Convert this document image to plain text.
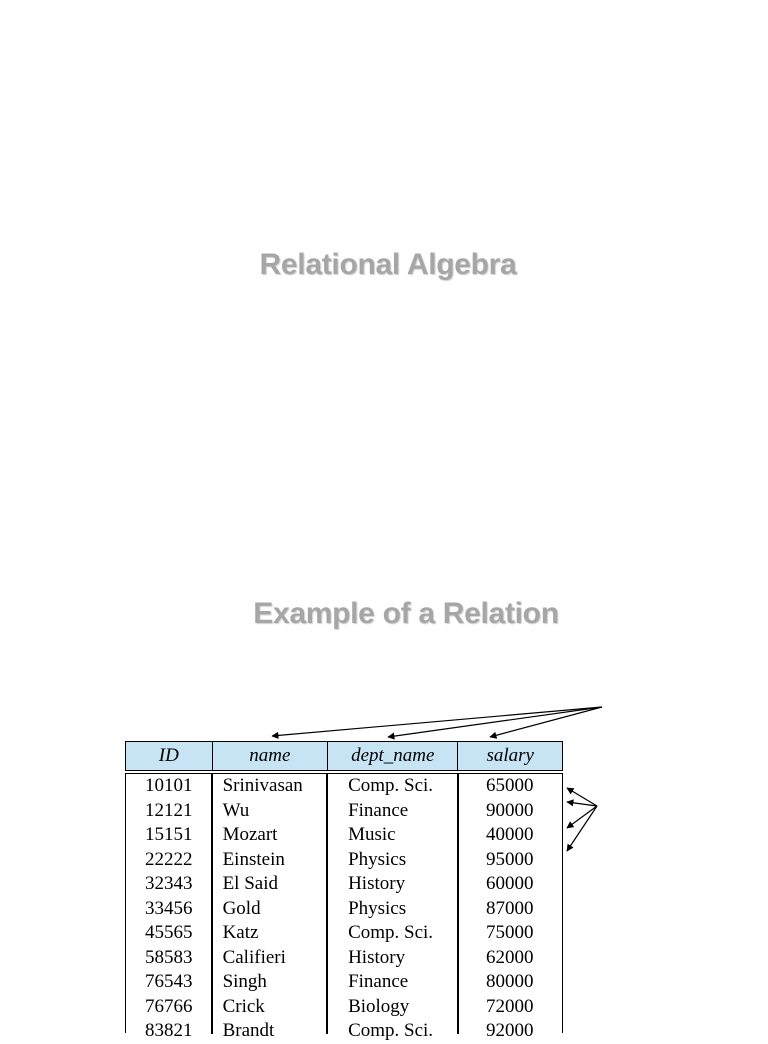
Relational Algebra
Example of a Relation
ID	name	dept_name	salary
10101	Srinivasan	Comp. Sci.	65000
12121	Wu	Finance	90000
15151	Mozart	Music	40000
22222	Einstein	Physics	95000
32343	El Said	History	60000
33456	Gold	Physics	87000
45565	Katz	Comp. Sci.	75000
58583	Califieri	History	62000
76543	Singh	Finance	80000
76766	Crick	Biology	72000
83821	Brandt	Comp. Sci.	92000
